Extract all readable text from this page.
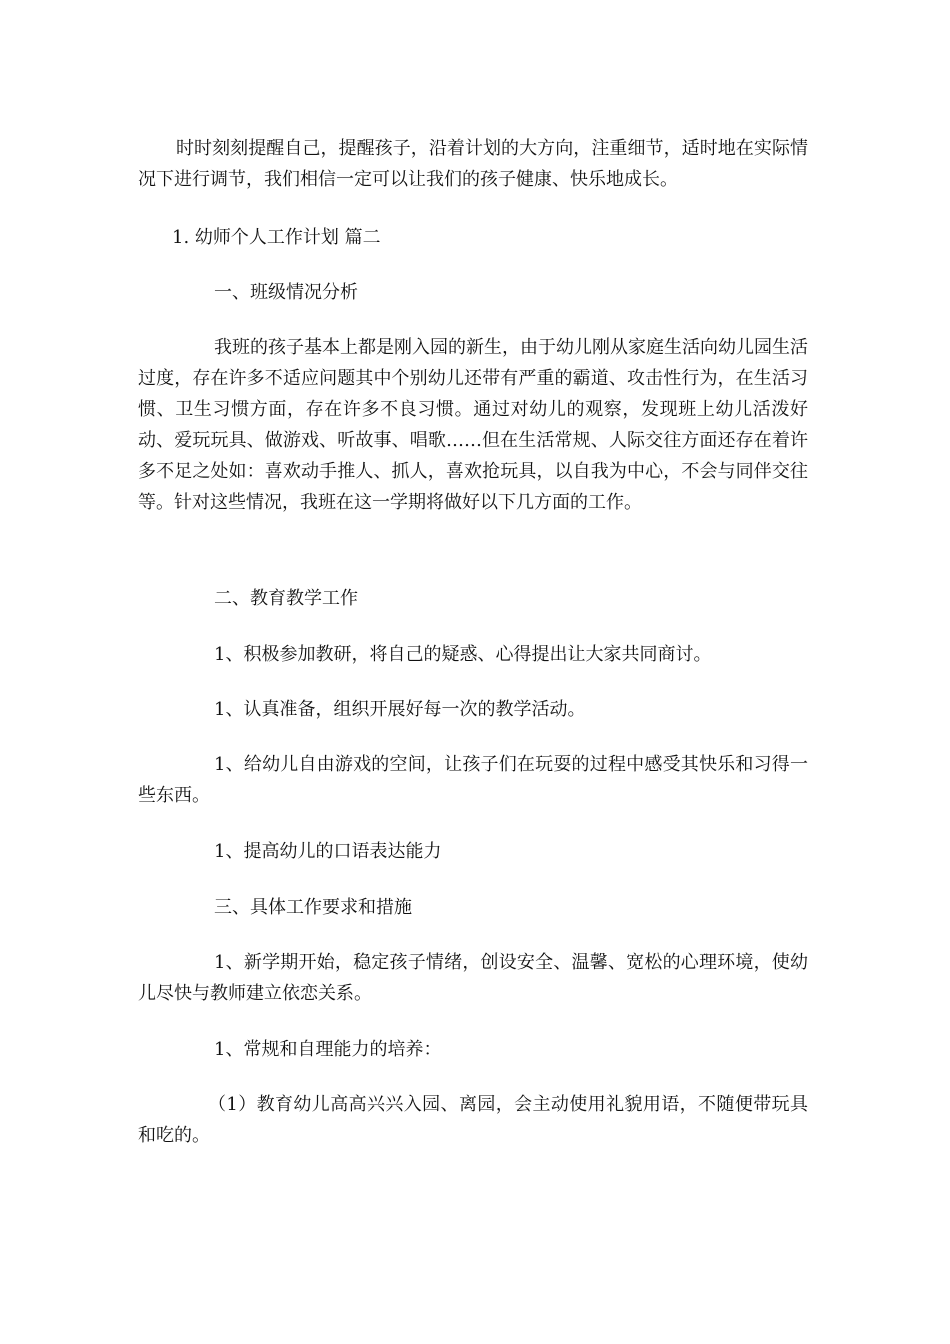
时时刻刻提醒自己，提醒孩子，沿着计划的大方向，注重细节，适时地在实际情况下进行调节，我们相信一定可以让我们的孩子健康、快乐地成长。

1. 幼师个人工作计划 篇二

一、班级情况分析

我班的孩子基本上都是刚入园的新生，由于幼儿刚从家庭生活向幼儿园生活过度，存在许多不适应问题其中个别幼儿还带有严重的霸道、攻击性行为，在生活习惯、卫生习惯方面，存在许多不良习惯。通过对幼儿的观察，发现班上幼儿活泼好动、爱玩玩具、做游戏、听故事、唱歌……但在生活常规、人际交往方面还存在着许多不足之处如：喜欢动手推人、抓人，喜欢抢玩具，以自我为中心，不会与同伴交往等。针对这些情况，我班在这一学期将做好以下几方面的工作。

二、教育教学工作

1、积极参加教研，将自己的疑惑、心得提出让大家共同商讨。

1、认真准备，组织开展好每一次的教学活动。

1、给幼儿自由游戏的空间，让孩子们在玩耍的过程中感受其快乐和习得一些东西。

1、提高幼儿的口语表达能力

三、具体工作要求和措施

1、新学期开始，稳定孩子情绪，创设安全、温馨、宽松的心理环境，使幼儿尽快与教师建立依恋关系。

1、常规和自理能力的培养：

（1）教育幼儿高高兴兴入园、离园，会主动使用礼貌用语，不随便带玩具和吃的。
